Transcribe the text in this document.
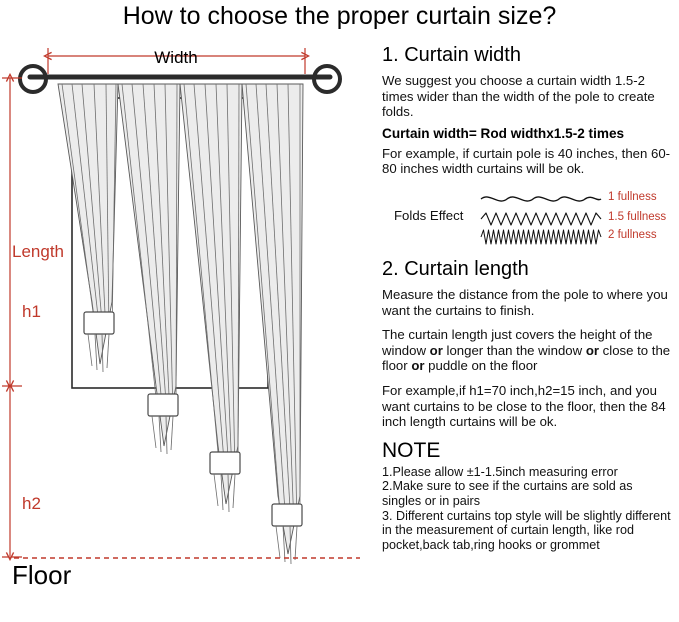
How to choose the proper curtain size?
Width
Length
h1
h2
Floor
1. Curtain width

We suggest you choose a curtain width 1.5-2 times wider than the width of the pole to create folds.

Curtain width= Rod widthx1.5-2 times

For example, if curtain pole is 40 inches, then 60-80 inches width curtains will be ok.

Folds Effect
1 fullness
1.5 fullness
2 fullness
2. Curtain length

Measure the distance from the pole to where you want the curtains to finish.

The curtain length just covers the height of the window or longer than the window or close to the floor or puddle on the floor

For example,if h1=70 inch,h2=15 inch, and you want curtains to be close to the floor, then the 84 inch length curtains will be ok.

NOTE
1.Please allow ±1-1.5inch measuring error
2.Make sure to see if the curtains are sold as singles or in pairs
3. Different curtains top style will be slightly different in the measurement of curtain length, like rod pocket,back tab,ring hooks or grommet
